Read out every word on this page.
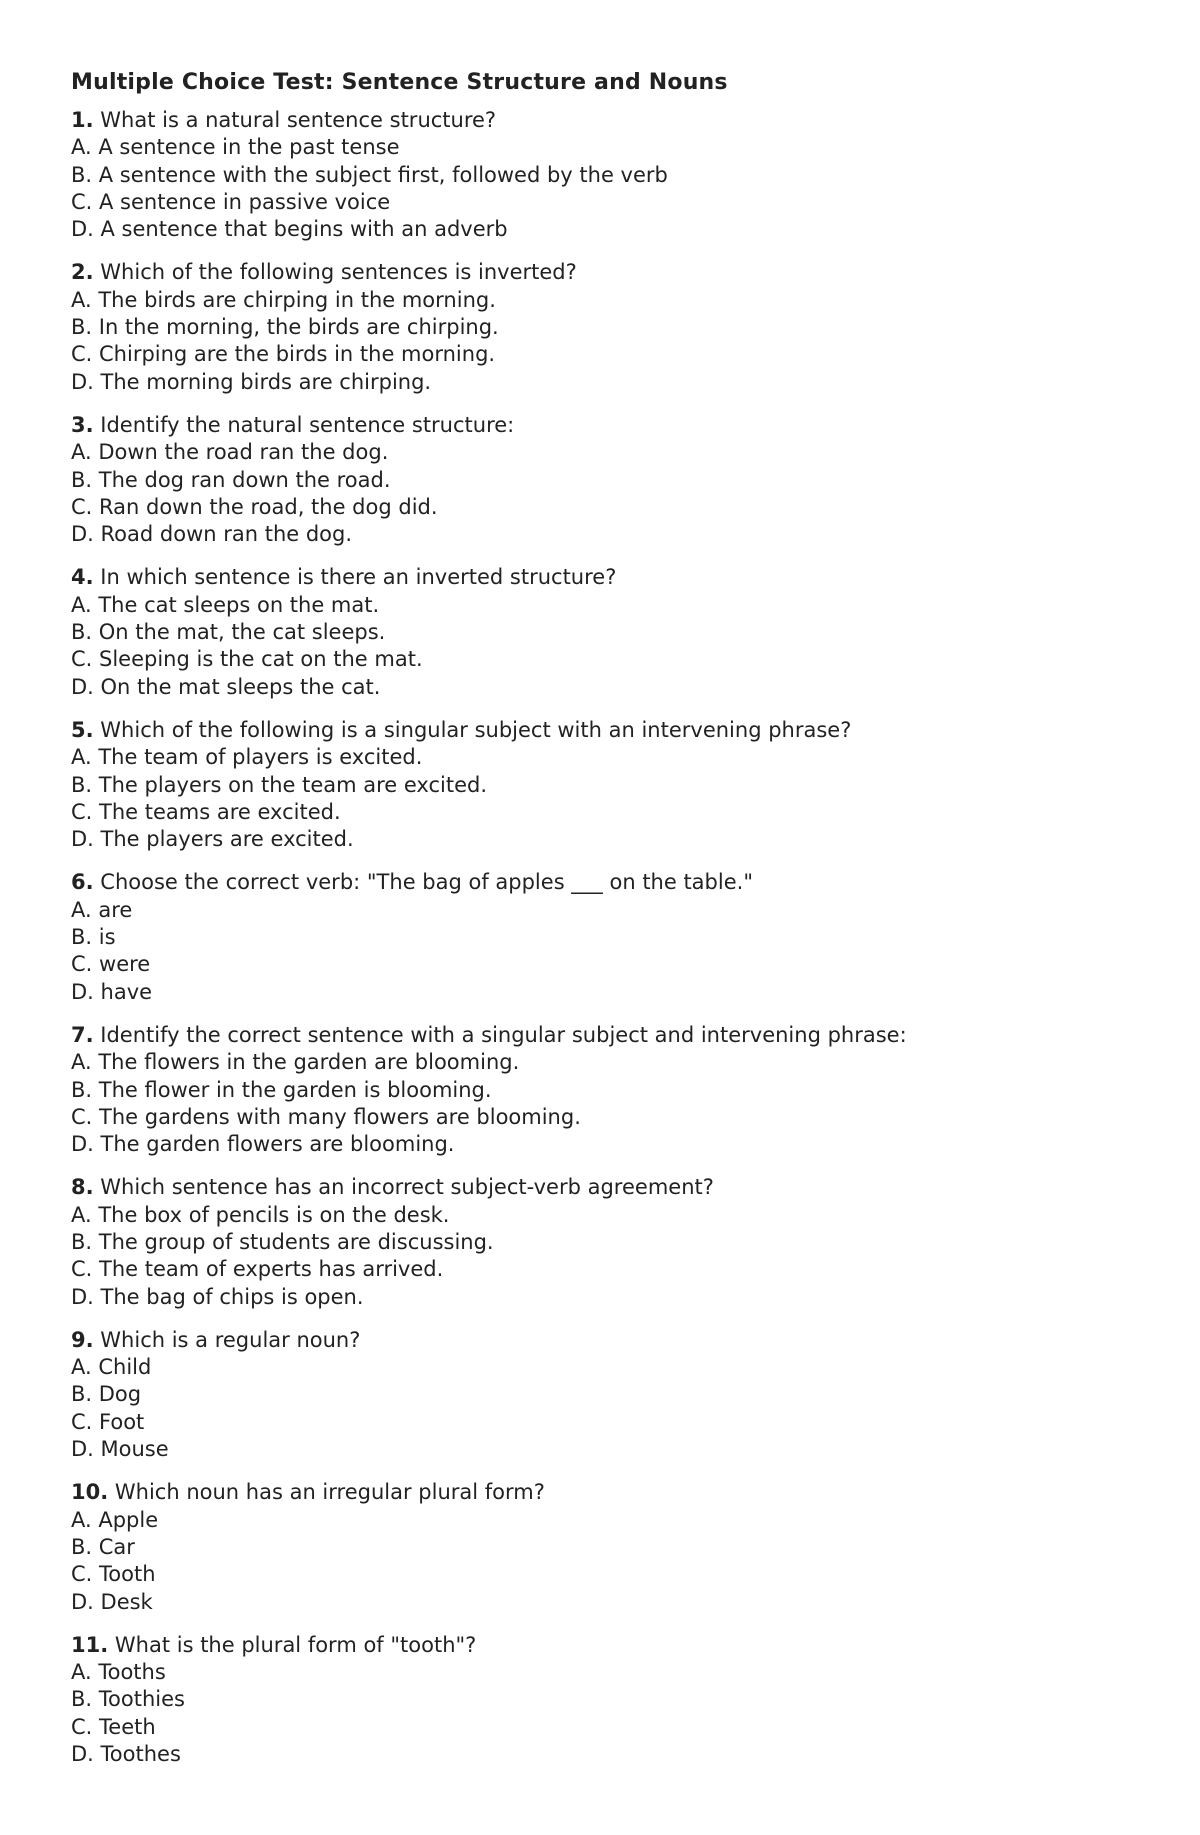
Multiple Choice Test: Sentence Structure and Nouns
1. What is a natural sentence structure?
A. A sentence in the past tense
B. A sentence with the subject first, followed by the verb
C. A sentence in passive voice
D. A sentence that begins with an adverb
2. Which of the following sentences is inverted?
A. The birds are chirping in the morning.
B. In the morning, the birds are chirping.
C. Chirping are the birds in the morning.
D. The morning birds are chirping.
3. Identify the natural sentence structure:
A. Down the road ran the dog.
B. The dog ran down the road.
C. Ran down the road, the dog did.
D. Road down ran the dog.
4. In which sentence is there an inverted structure?
A. The cat sleeps on the mat.
B. On the mat, the cat sleeps.
C. Sleeping is the cat on the mat.
D. On the mat sleeps the cat.
5. Which of the following is a singular subject with an intervening phrase?
A. The team of players is excited.
B. The players on the team are excited.
C. The teams are excited.
D. The players are excited.
6. Choose the correct verb: "The bag of apples ___ on the table."
A. are
B. is
C. were
D. have
7. Identify the correct sentence with a singular subject and intervening phrase:
A. The flowers in the garden are blooming.
B. The flower in the garden is blooming.
C. The gardens with many flowers are blooming.
D. The garden flowers are blooming.
8. Which sentence has an incorrect subject-verb agreement?
A. The box of pencils is on the desk.
B. The group of students are discussing.
C. The team of experts has arrived.
D. The bag of chips is open.
9. Which is a regular noun?
A. Child
B. Dog
C. Foot
D. Mouse
10. Which noun has an irregular plural form?
A. Apple
B. Car
C. Tooth
D. Desk
11. What is the plural form of "tooth"?
A. Tooths
B. Toothies
C. Teeth
D. Toothes
